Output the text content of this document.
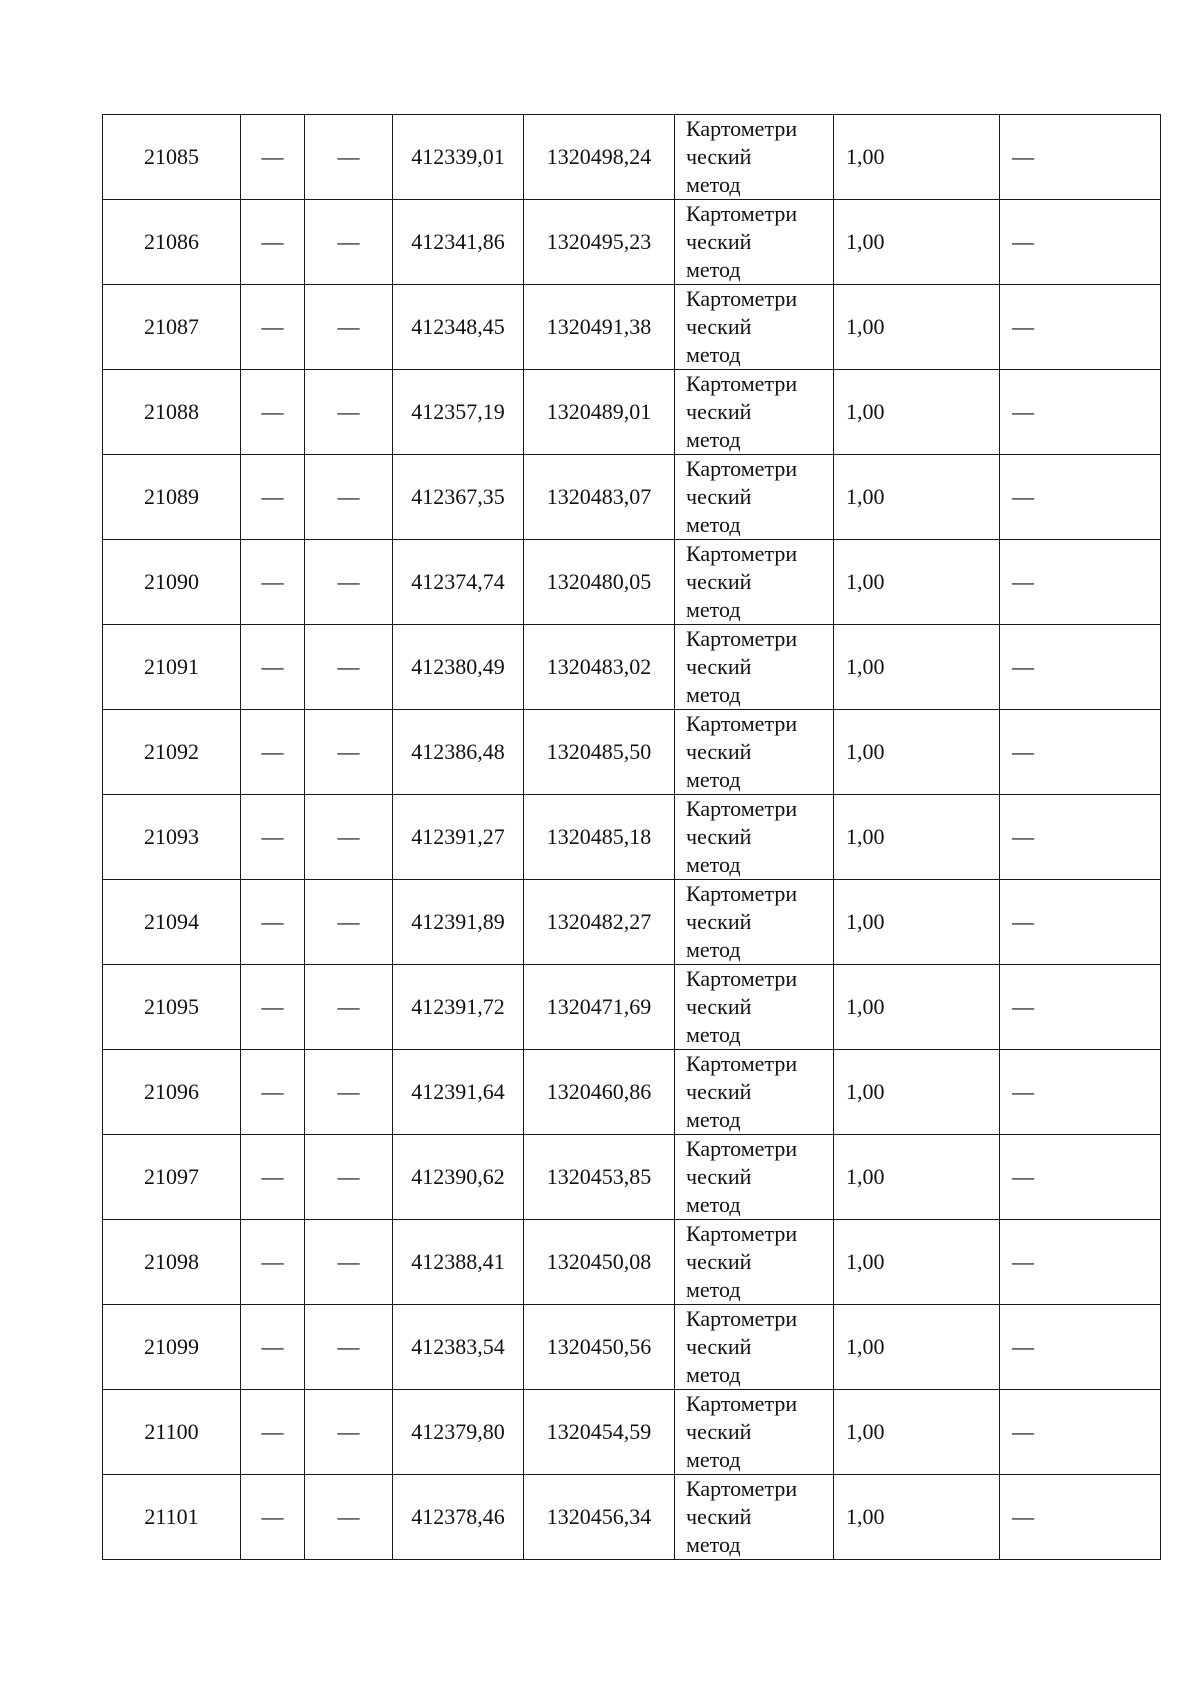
21085	—	—	412339,01	1320498,24	Картометри
ческий
метод	1,00	—
21086	—	—	412341,86	1320495,23	Картометри
ческий
метод	1,00	—
21087	—	—	412348,45	1320491,38	Картометри
ческий
метод	1,00	—
21088	—	—	412357,19	1320489,01	Картометри
ческий
метод	1,00	—
21089	—	—	412367,35	1320483,07	Картометри
ческий
метод	1,00	—
21090	—	—	412374,74	1320480,05	Картометри
ческий
метод	1,00	—
21091	—	—	412380,49	1320483,02	Картометри
ческий
метод	1,00	—
21092	—	—	412386,48	1320485,50	Картометри
ческий
метод	1,00	—
21093	—	—	412391,27	1320485,18	Картометри
ческий
метод	1,00	—
21094	—	—	412391,89	1320482,27	Картометри
ческий
метод	1,00	—
21095	—	—	412391,72	1320471,69	Картометри
ческий
метод	1,00	—
21096	—	—	412391,64	1320460,86	Картометри
ческий
метод	1,00	—
21097	—	—	412390,62	1320453,85	Картометри
ческий
метод	1,00	—
21098	—	—	412388,41	1320450,08	Картометри
ческий
метод	1,00	—
21099	—	—	412383,54	1320450,56	Картометри
ческий
метод	1,00	—
21100	—	—	412379,80	1320454,59	Картометри
ческий
метод	1,00	—
21101	—	—	412378,46	1320456,34	Картометри
ческий
метод	1,00	—
